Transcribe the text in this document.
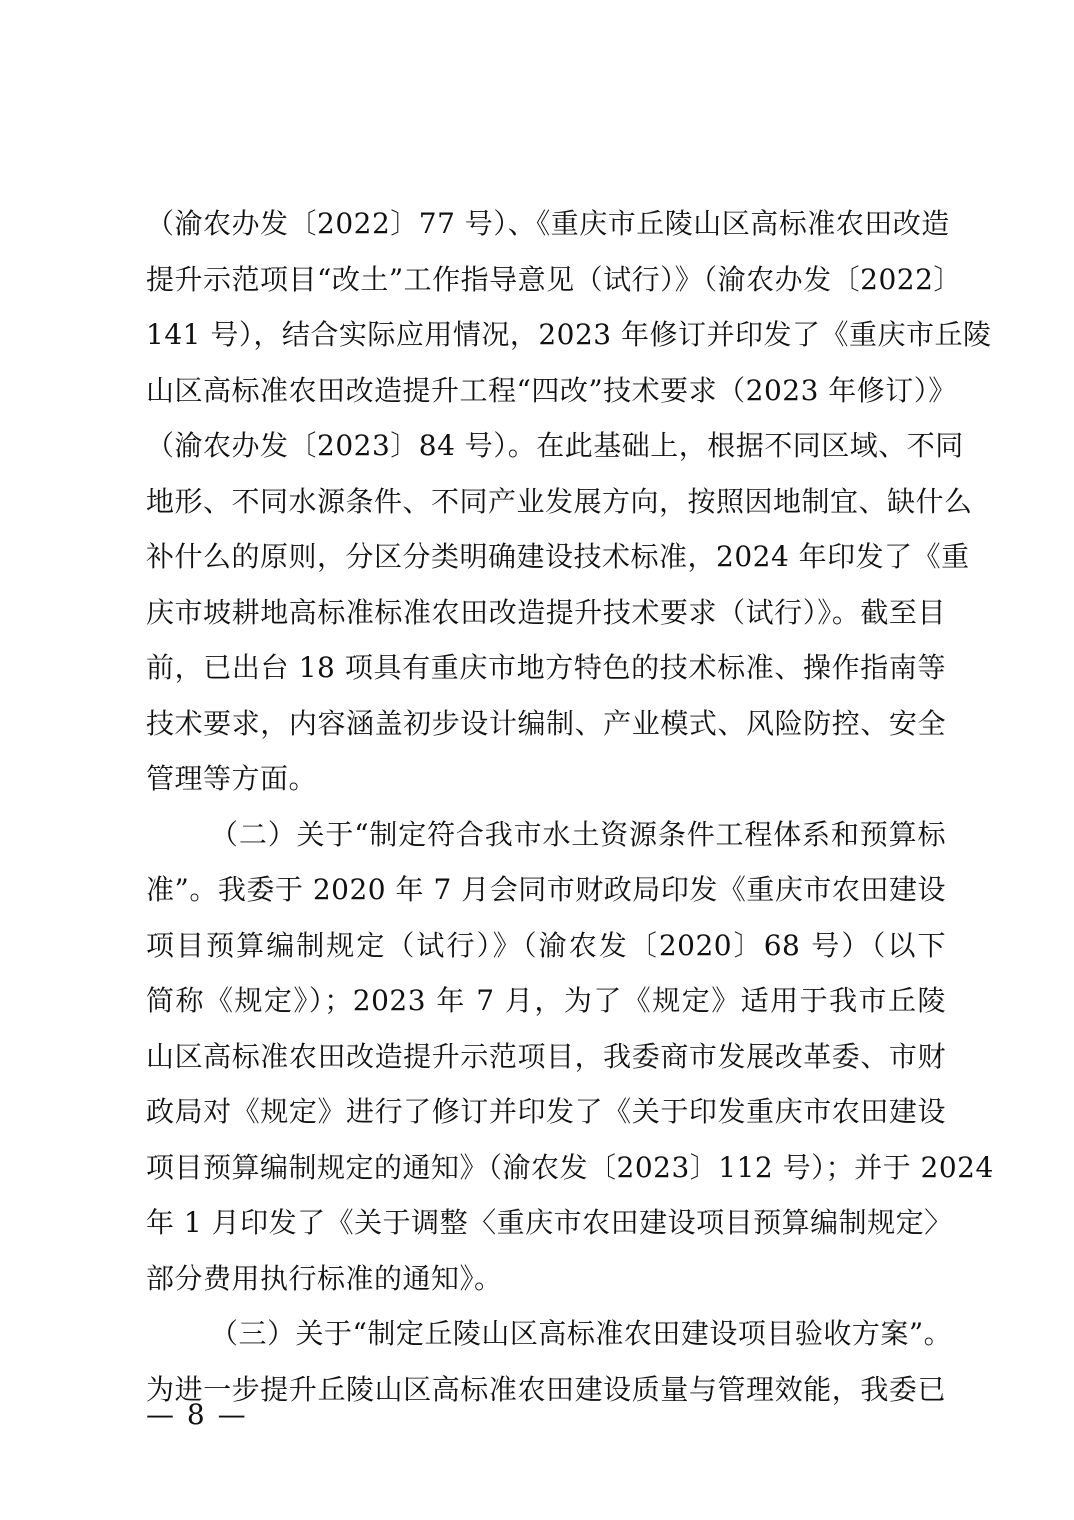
（渝农办发〔2022〕77 号）、《重庆市丘陵山区高标准农田改造
提升示范项目“改土”工作指导意见（试行）》（渝农办发〔2022〕
141 号），结合实际应用情况，2023 年修订并印发了《重庆市丘陵
山区高标准农田改造提升工程“四改”技术要求（2023 年修订）》
（渝农办发〔2023〕84 号）。在此基础上，根据不同区域、不同
地形、不同水源条件、不同产业发展方向，按照因地制宜、缺什么
补什么的原则，分区分类明确建设技术标准，2024 年印发了《重
庆市坡耕地高标准标准农田改造提升技术要求（试行）》。截至目
前，已出台 18 项具有重庆市地方特色的技术标准、操作指南等
技术要求，内容涵盖初步设计编制、产业模式、风险防控、安全
管理等方面。
（二）关于“制定符合我市水土资源条件工程体系和预算标
准”。我委于 2020 年 7 月会同市财政局印发《重庆市农田建设
项目预算编制规定（试行）》（渝农发〔2020〕68 号）（以下
简称《规定》）；2023 年 7 月，为了《规定》适用于我市丘陵
山区高标准农田改造提升示范项目，我委商市发展改革委、市财
政局对《规定》进行了修订并印发了《关于印发重庆市农田建设
项目预算编制规定的通知》（渝农发〔2023〕112 号）；并于 2024
年 1 月印发了《关于调整〈重庆市农田建设项目预算编制规定〉
部分费用执行标准的通知》。
（三）关于“制定丘陵山区高标准农田建设项目验收方案”。
为进一步提升丘陵山区高标准农田建设质量与管理效能，我委已
— 8 —
